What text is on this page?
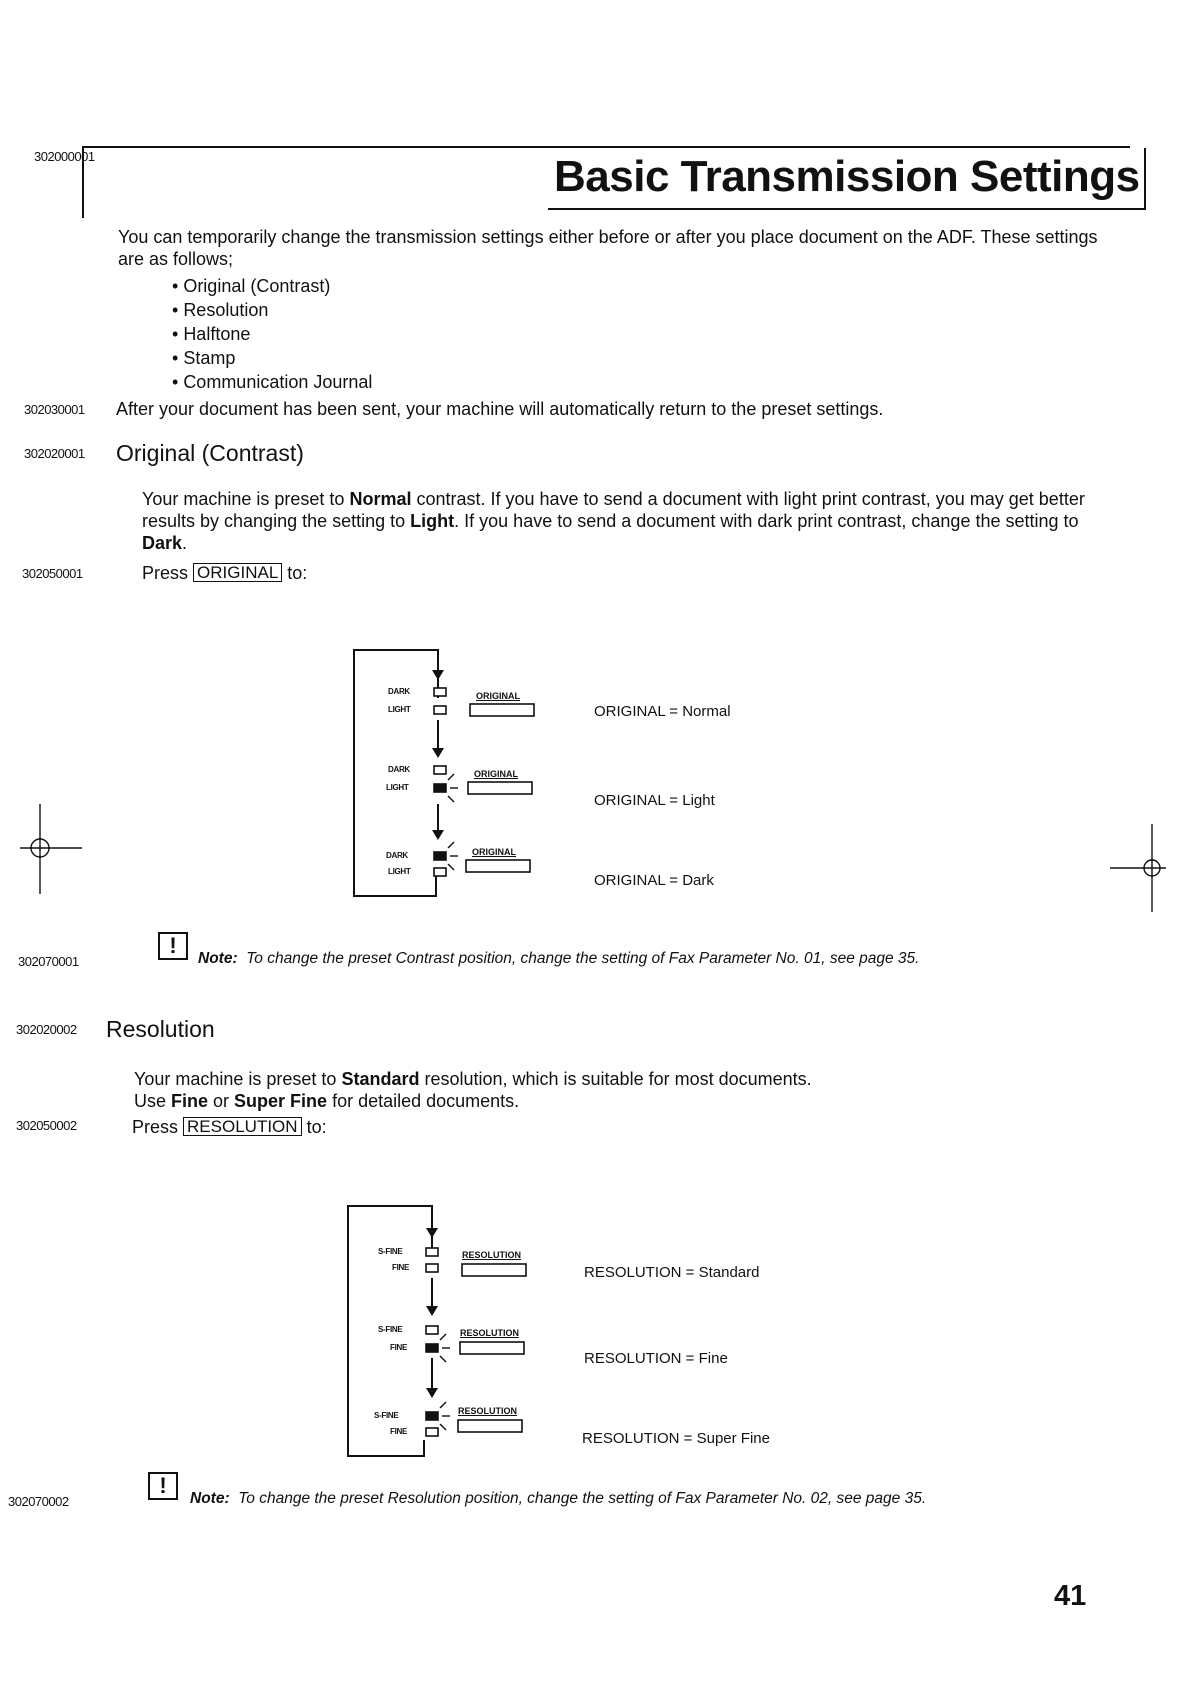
302000001	Basic Transmission Settings
You can temporarily change the transmission settings either before or after you place document on the ADF. These settings are as follows;
• Original (Contrast)
• Resolution
• Halftone
• Stamp
• Communication Journal
302030001 After your document has been sent, your machine will automatically return to the preset settings.
302020001 Original (Contrast)
Your machine is preset to Normal contrast. If you have to send a document with light print contrast, you may get better results by changing the setting to Light. If you have to send a document with dark print contrast, change the setting to Dark.
302050001	Press ORIGINAL to:
DARK
LIGHT
DARK
LIGHT
DARK
LIGHT
ORIGINAL
ORIGINAL
ORIGINAL
ORIGINAL = Normal
ORIGINAL = Light
ORIGINAL = Dark
302070001
!
Note: To change the preset Contrast position, change the setting of Fax Parameter No. 01, see page 35.
302020002 Resolution
Your machine is preset to Standard resolution, which is suitable for most documents.
Use Fine or Super Fine for detailed documents.
302050002	Press RESOLUTION to:
S-FINE
FINE
S-FINE
FINE
S-FINE
FINE
RESOLUTION
RESOLUTION
RESOLUTION
RESOLUTION = Standard
RESOLUTION = Fine
RESOLUTION = Super Fine
302070002
!
Note: To change the preset Resolution position, change the setting of Fax Parameter No. 02, see page 35.
41
